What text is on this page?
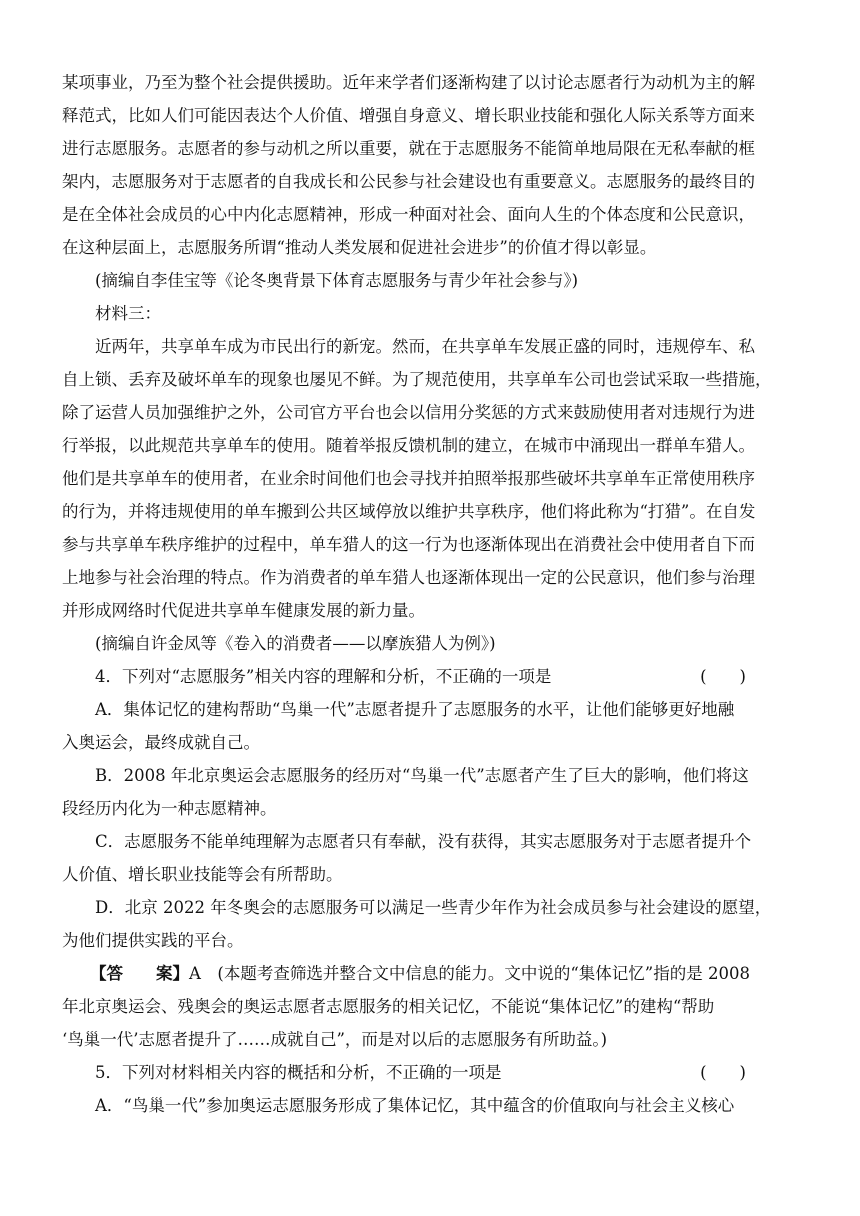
某项事业，乃至为整个社会提供援助。近年来学者们逐渐构建了以讨论志愿者行为动机为主的解
释范式，比如人们可能因表达个人价值、增强自身意义、增长职业技能和强化人际关系等方面来
进行志愿服务。志愿者的参与动机之所以重要，就在于志愿服务不能简单地局限在无私奉献的框
架内，志愿服务对于志愿者的自我成长和公民参与社会建设也有重要意义。志愿服务的最终目的
是在全体社会成员的心中内化志愿精神，形成一种面对社会、面向人生的个体态度和公民意识，
在这种层面上，志愿服务所谓“推动人类发展和促进社会进步”的价值才得以彰显。
(摘编自李佳宝等《论冬奥背景下体育志愿服务与青少年社会参与》)
材料三：
近两年，共享单车成为市民出行的新宠。然而，在共享单车发展正盛的同时，违规停车、私
自上锁、丢弃及破坏单车的现象也屡见不鲜。为了规范使用，共享单车公司也尝试采取一些措施，
除了运营人员加强维护之外，公司官方平台也会以信用分奖惩的方式来鼓励使用者对违规行为进
行举报，以此规范共享单车的使用。随着举报反馈机制的建立，在城市中涌现出一群单车猎人。
他们是共享单车的使用者，在业余时间他们也会寻找并拍照举报那些破坏共享单车正常使用秩序
的行为，并将违规使用的单车搬到公共区域停放以维护共享秩序，他们将此称为“打猎”。在自发
参与共享单车秩序维护的过程中，单车猎人的这一行为也逐渐体现出在消费社会中使用者自下而
上地参与社会治理的特点。作为消费者的单车猎人也逐渐体现出一定的公民意识，他们参与治理
并形成网络时代促进共享单车健康发展的新力量。
(摘编自许金凤等《卷入的消费者——以摩族猎人为例》)
4．下列对“志愿服务”相关内容的理解和分析，不正确的一项是	(　　)
A．集体记忆的建构帮助“鸟巢一代”志愿者提升了志愿服务的水平，让他们能够更好地融
入奥运会，最终成就自己。
B．2008 年北京奥运会志愿服务的经历对“鸟巢一代”志愿者产生了巨大的影响，他们将这
段经历内化为一种志愿精神。
C．志愿服务不能单纯理解为志愿者只有奉献，没有获得，其实志愿服务对于志愿者提升个
人价值、增长职业技能等会有所帮助。
D．北京 2022 年冬奥会的志愿服务可以满足一些青少年作为社会成员参与社会建设的愿望，
为他们提供实践的平台。
【答　　案】A　(本题考查筛选并整合文中信息的能力。文中说的“集体记忆”指的是 2008
年北京奥运会、残奥会的奥运志愿者志愿服务的相关记忆，不能说“集体记忆”的建构“帮助
‘鸟巢一代’志愿者提升了……成就自己”，而是对以后的志愿服务有所助益。)
5．下列对材料相关内容的概括和分析，不正确的一项是	(　　)
A．“鸟巢一代”参加奥运志愿服务形成了集体记忆，其中蕴含的价值取向与社会主义核心
